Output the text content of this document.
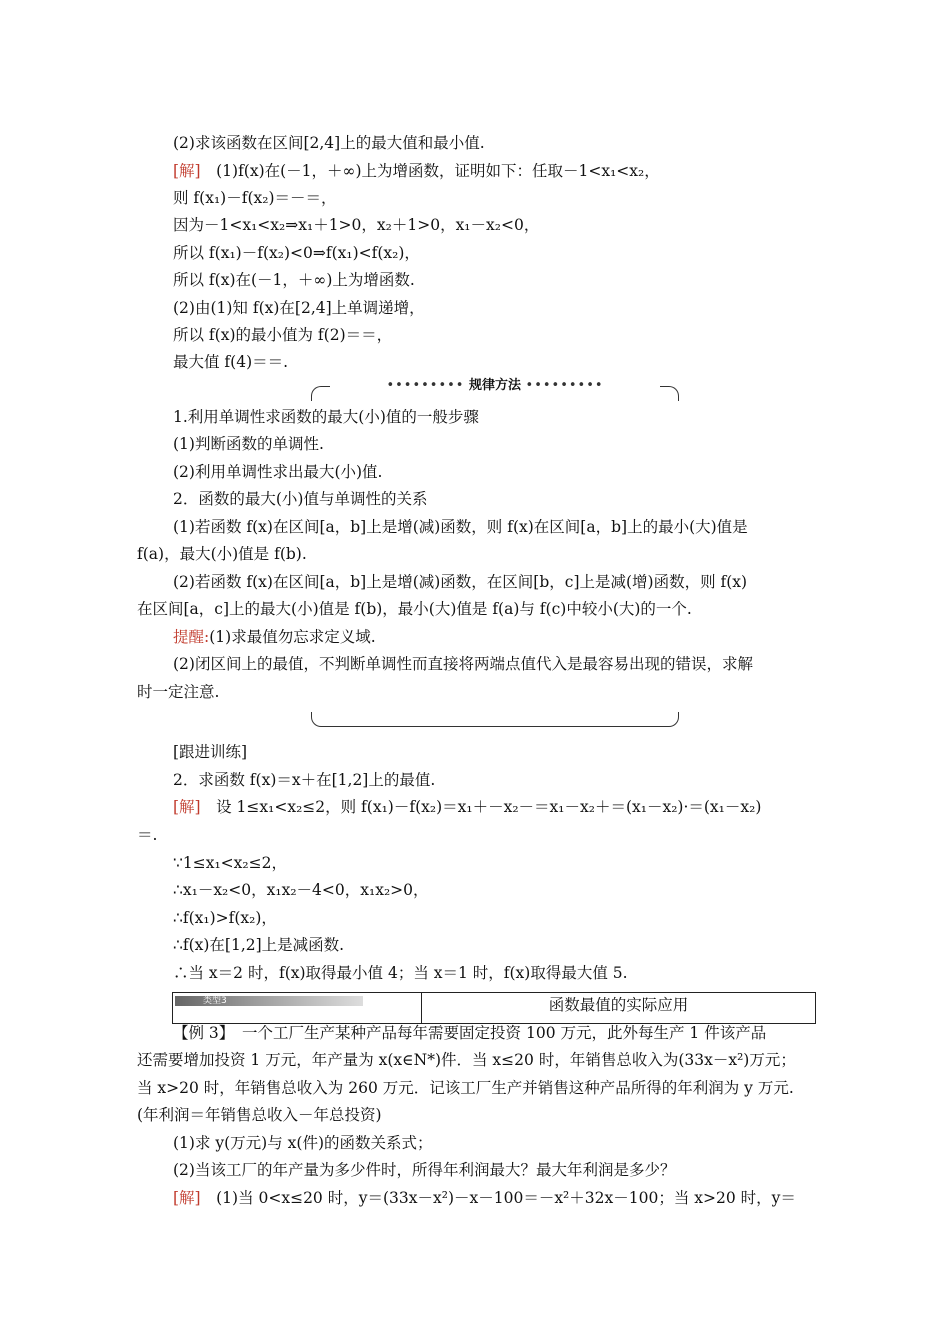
(2)求该函数在区间[2,4]上的最大值和最小值.
[解]　(1)f(x)在(－1，＋∞)上为增函数，证明如下：任取－1<x₁<x₂，
则 f(x₁)－f(x₂)＝－＝，
因为－1<x₁<x₂⇒x₁＋1>0，x₂＋1>0，x₁－x₂<0，
所以 f(x₁)－f(x₂)<0⇒f(x₁)<f(x₂)，
所以 f(x)在(－1，＋∞)上为增函数.
(2)由(1)知 f(x)在[2,4]上单调递增，
所以 f(x)的最小值为 f(2)＝＝，
最大值 f(4)＝＝.
1.利用单调性求函数的最大(小)值的一般步骤
(1)判断函数的单调性.
(2)利用单调性求出最大(小)值.
2．函数的最大(小)值与单调性的关系
(1)若函数 f(x)在区间[a，b]上是增(减)函数，则 f(x)在区间[a，b]上的最小(大)值是
f(a)，最大(小)值是 f(b).
(2)若函数 f(x)在区间[a，b]上是增(减)函数，在区间[b，c]上是减(增)函数，则 f(x)
在区间[a，c]上的最大(小)值是 f(b)，最小(大)值是 f(a)与 f(c)中较小(大)的一个.
提醒:(1)求最值勿忘求定义域.
(2)闭区间上的最值，不判断单调性而直接将两端点值代入是最容易出现的错误，求解
时一定注意.
[跟进训练]
2．求函数 f(x)＝x＋在[1,2]上的最值.
[解]　设 1≤x₁<x₂≤2，则 f(x₁)－f(x₂)＝x₁＋－x₂－＝x₁－x₂＋＝(x₁－x₂)·＝(x₁－x₂)
＝.
∵1≤x₁<x₂≤2，
∴x₁－x₂<0，x₁x₂－4<0，x₁x₂>0，
∴f(x₁)>f(x₂)，
∴f(x)在[1,2]上是减函数.
∴当 x＝2 时，f(x)取得最小值 4；当 x＝1 时，f(x)取得最大值 5.
【例 3】　一个工厂生产某种产品每年需要固定投资 100 万元，此外每生产 1 件该产品
还需要增加投资 1 万元，年产量为 x(x∈N*)件．当 x≤20 时，年销售总收入为(33x－x²)万元；
当 x>20 时，年销售总收入为 260 万元．记该工厂生产并销售这种产品所得的年利润为 y 万元.
(年利润＝年销售总收入－年总投资)
(1)求 y(万元)与 x(件)的函数关系式；
(2)当该工厂的年产量为多少件时，所得年利润最大？最大年利润是多少？
[解]　(1)当 0<x≤20 时，y＝(33x－x²)－x－100＝－x²＋32x－100；当 x>20 时，y＝
••••••••• 规律方法 •••••••••
类型3	函数最值的实际应用
